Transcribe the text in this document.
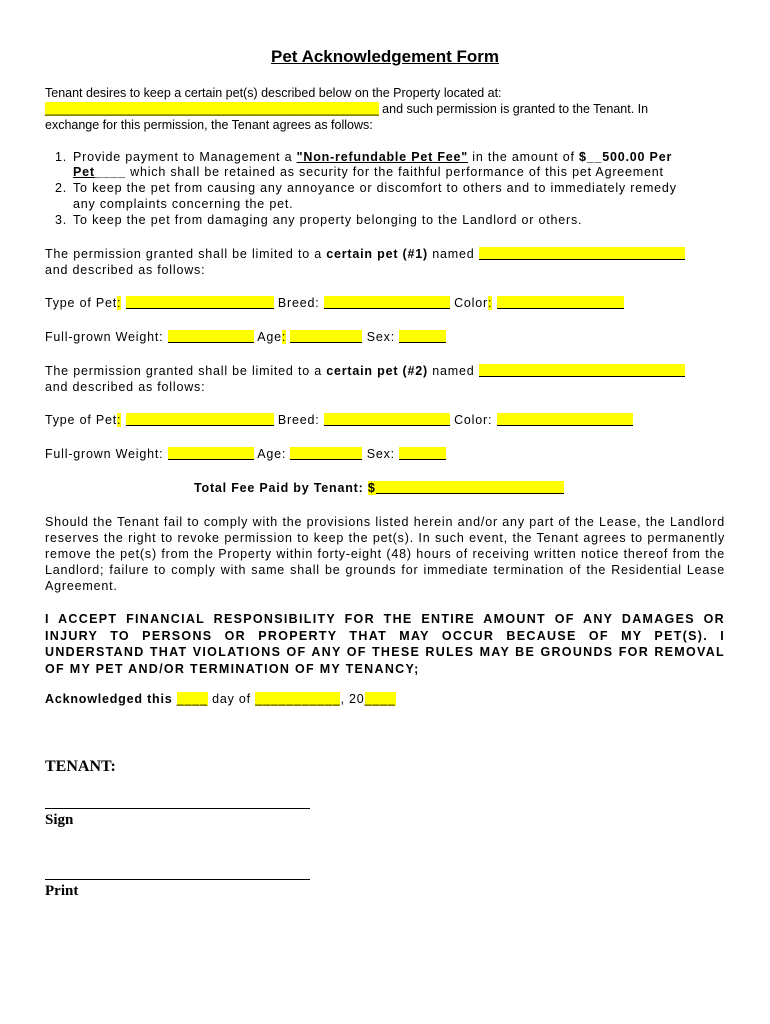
Pet Acknowledgement Form
Tenant desires to keep a certain pet(s) described below on the Property located at:
________________________________________________ and such permission is granted to the Tenant. In
exchange for this permission, the Tenant agrees as follows:
1. Provide payment to Management a "Non-refundable Pet Fee" in the amount of $__500.00 Per
Pet____ which shall be retained as security for the faithful performance of this pet Agreement
2. To keep the pet from causing any annoyance or discomfort to others and to immediately remedy
any complaints concerning the pet.
3. To keep the pet from damaging any property belonging to the Landlord or others.
The permission granted shall be limited to a certain pet (#1) named
and described as follows:
Type of Pet:	Breed:	Color:
Full-grown Weight:	Age:	Sex:
The permission granted shall be limited to a certain pet (#2) named
and described as follows:
Type of Pet:	Breed:	Color:
Full-grown Weight:	Age:	Sex:
Total Fee Paid by Tenant: $
Should the Tenant fail to comply with the provisions listed herein and/or any part of the Lease, the Landlord reserves the right to revoke permission to keep the pet(s). In such event, the Tenant agrees to permanently remove the pet(s) from the Property within forty-eight (48) hours of receiving written notice thereof from the Landlord; failure to comply with same shall be grounds for immediate termination of the Residential Lease Agreement.
I ACCEPT FINANCIAL RESPONSIBILITY FOR THE ENTIRE AMOUNT OF ANY DAMAGES OR INJURY TO PERSONS OR PROPERTY THAT MAY OCCUR BECAUSE OF MY PET(S). I UNDERSTAND THAT VIOLATIONS OF ANY OF THESE RULES MAY BE GROUNDS FOR REMOVAL OF MY PET AND/OR TERMINATION OF MY TENANCY;
Acknowledged this ____ day of ___________, 20____
TENANT:
Sign
Print
